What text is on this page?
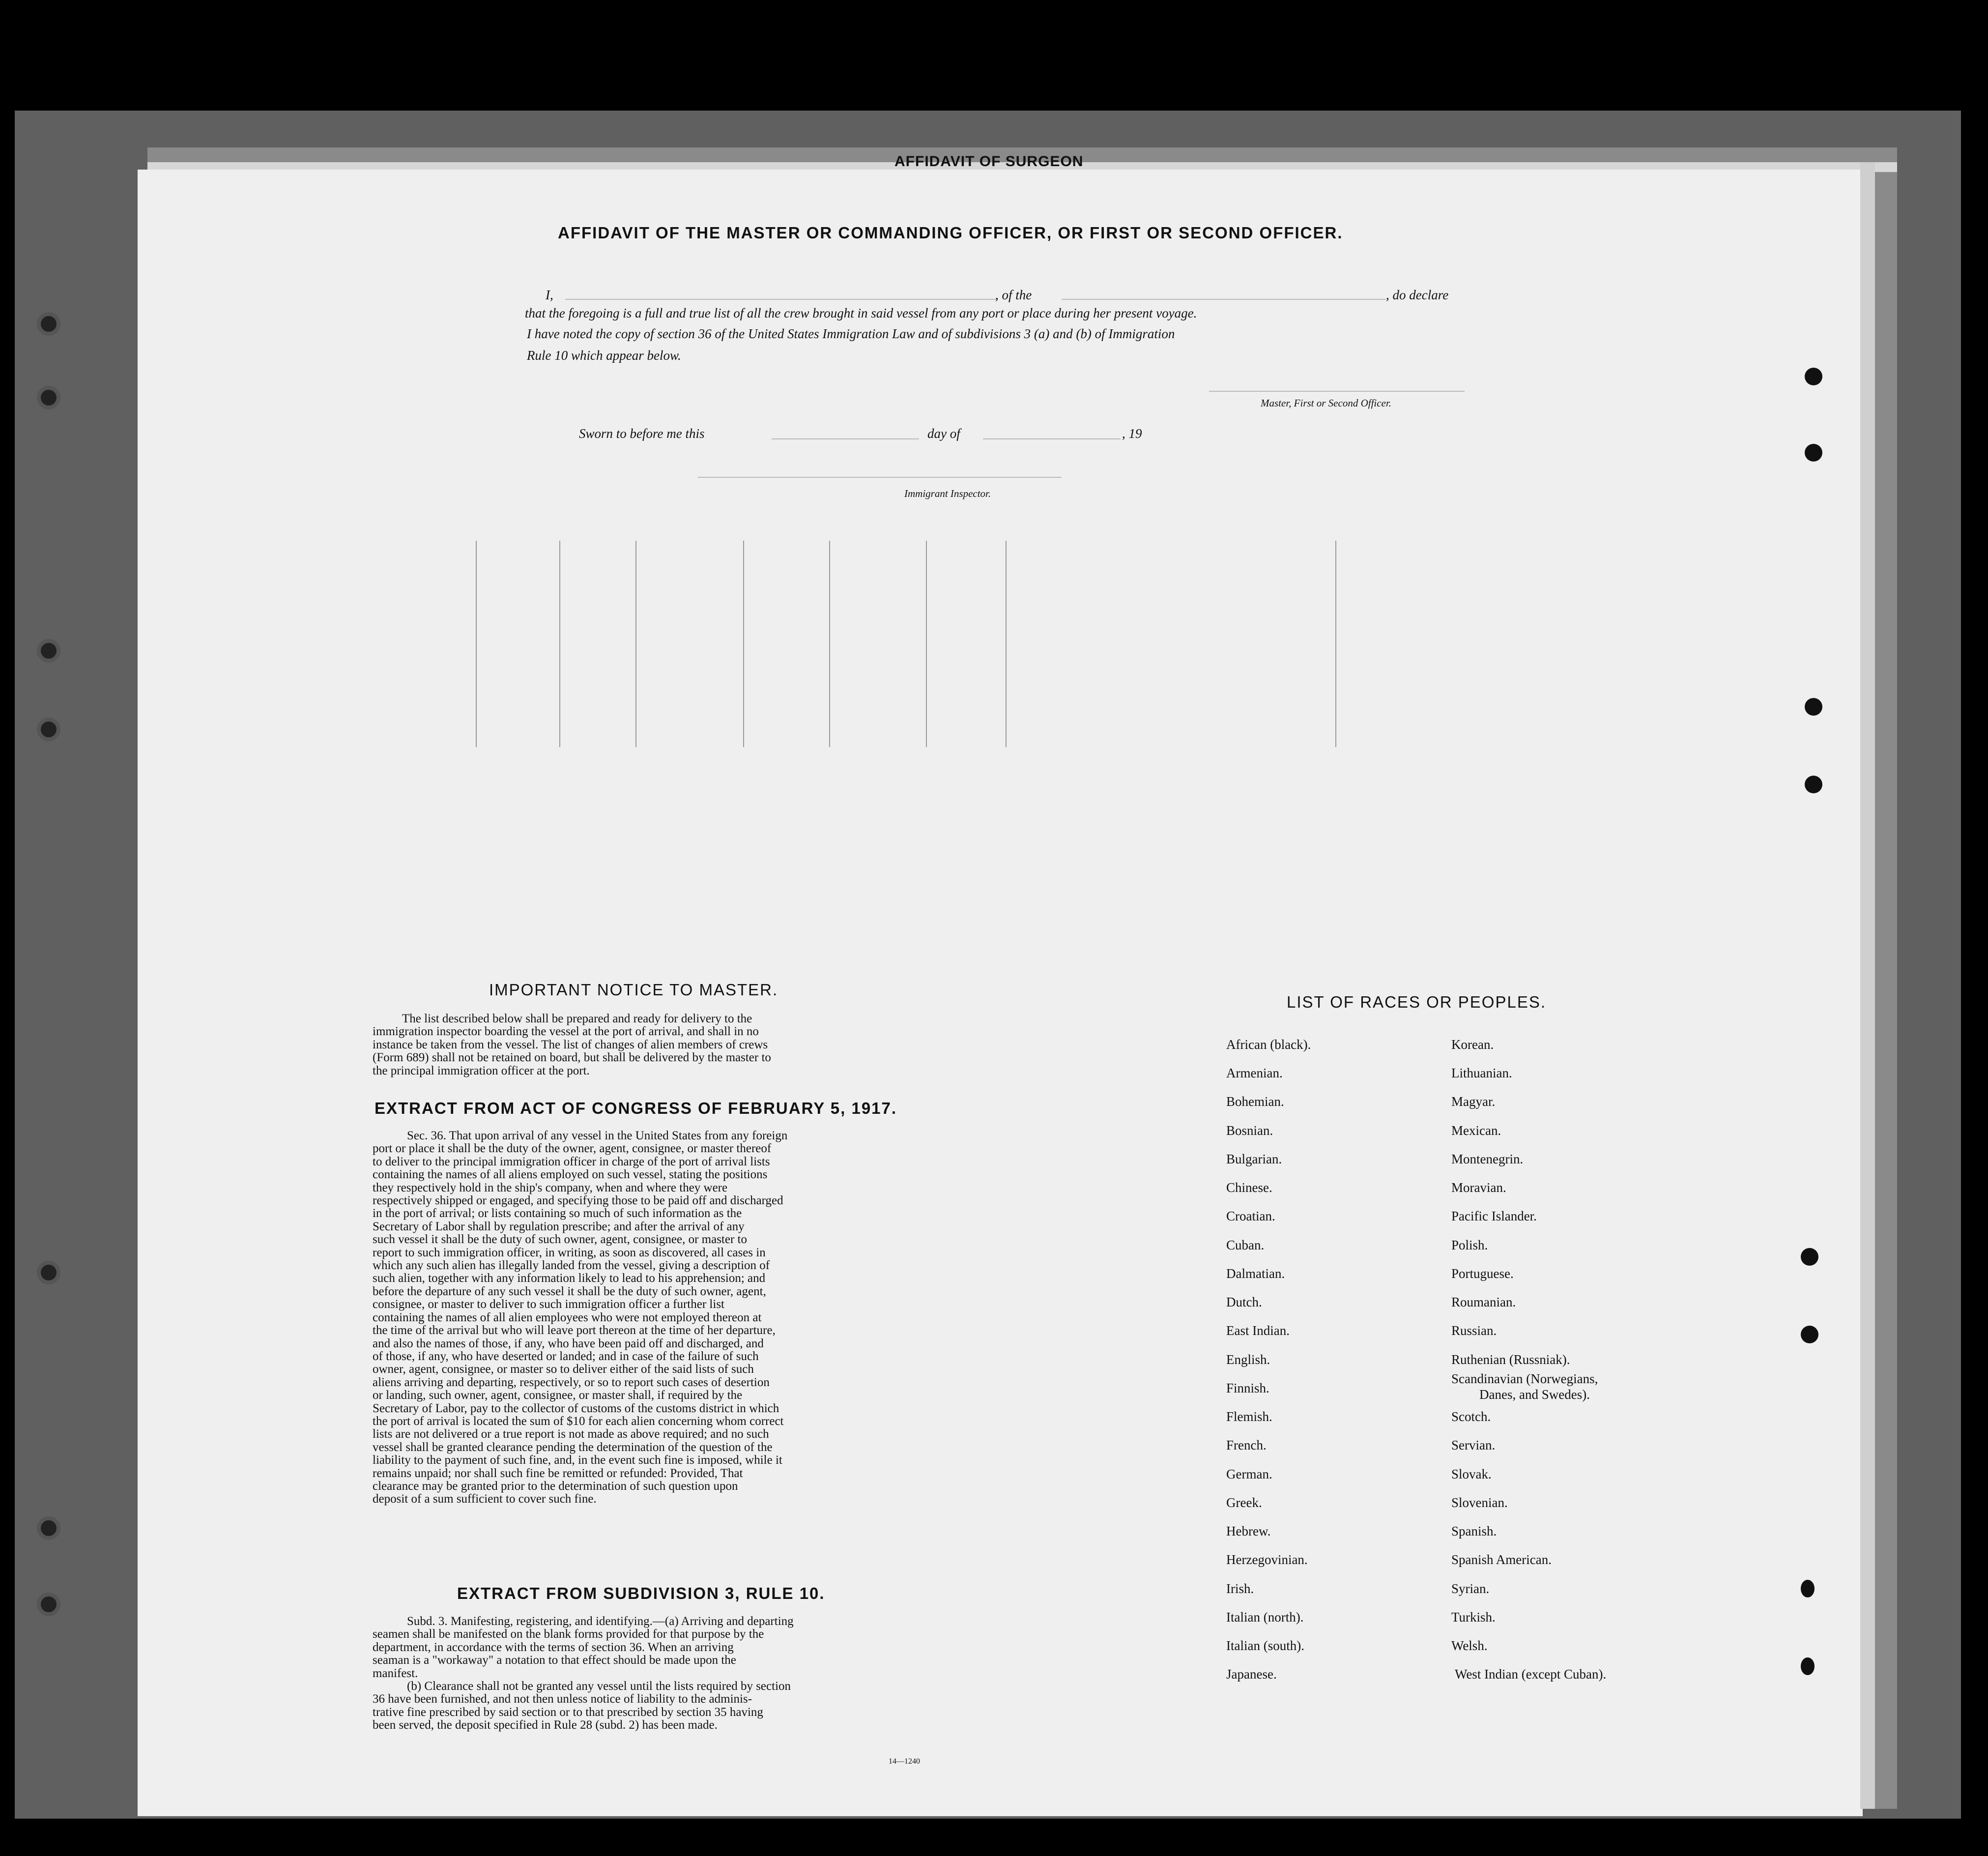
AFFIDAVIT OF SURGEON
AFFIDAVIT OF THE MASTER OR COMMANDING OFFICER, OR FIRST OR SECOND OFFICER.
I,	, of the	, do declare
that the foregoing is a full and true list of all the crew brought in said vessel from any port or place during her present voyage.
I have noted the copy of section 36 of the United States Immigration Law and of subdivisions 3 (a) and (b) of Immigration
Rule 10 which appear below.
Master, First or Second Officer.
Sworn to before me this	day of	, 19
Immigrant Inspector.
IMPORTANT NOTICE TO MASTER.
The list described below shall be prepared and ready for delivery to the
immigration inspector boarding the vessel at the port of arrival, and shall in no
instance be taken from the vessel. The list of changes of alien members of crews
(Form 689) shall not be retained on board, but shall be delivered by the master to
the principal immigration officer at the port.
EXTRACT FROM ACT OF CONGRESS OF FEBRUARY 5, 1917.
Sec. 36. That upon arrival of any vessel in the United States from any foreign
port or place it shall be the duty of the owner, agent, consignee, or master thereof
to deliver to the principal immigration officer in charge of the port of arrival lists
containing the names of all aliens employed on such vessel, stating the positions
they respectively hold in the ship's company, when and where they were
respectively shipped or engaged, and specifying those to be paid off and discharged
in the port of arrival; or lists containing so much of such information as the
Secretary of Labor shall by regulation prescribe; and after the arrival of any
such vessel it shall be the duty of such owner, agent, consignee, or master to
report to such immigration officer, in writing, as soon as discovered, all cases in
which any such alien has illegally landed from the vessel, giving a description of
such alien, together with any information likely to lead to his apprehension; and
before the departure of any such vessel it shall be the duty of such owner, agent,
consignee, or master to deliver to such immigration officer a further list
containing the names of all alien employees who were not employed thereon at
the time of the arrival but who will leave port thereon at the time of her departure,
and also the names of those, if any, who have been paid off and discharged, and
of those, if any, who have deserted or landed; and in case of the failure of such
owner, agent, consignee, or master so to deliver either of the said lists of such
aliens arriving and departing, respectively, or so to report such cases of desertion
or landing, such owner, agent, consignee, or master shall, if required by the
Secretary of Labor, pay to the collector of customs of the customs district in which
the port of arrival is located the sum of $10 for each alien concerning whom correct
lists are not delivered or a true report is not made as above required; and no such
vessel shall be granted clearance pending the determination of the question of the
liability to the payment of such fine, and, in the event such fine is imposed, while it
remains unpaid; nor shall such fine be remitted or refunded: Provided, That
clearance may be granted prior to the determination of such question upon
deposit of a sum sufficient to cover such fine.
EXTRACT FROM SUBDIVISION 3, RULE 10.
Subd. 3. Manifesting, registering, and identifying.—(a) Arriving and departing
seamen shall be manifested on the blank forms provided for that purpose by the
department, in accordance with the terms of section 36. When an arriving
seaman is a "workaway" a notation to that effect should be made upon the
manifest.
(b) Clearance shall not be granted any vessel until the lists required by section
36 have been furnished, and not then unless notice of liability to the adminis-
trative fine prescribed by said section or to that prescribed by section 35 having
been served, the deposit specified in Rule 28 (subd. 2) has been made.
14—1240
LIST OF RACES OR PEOPLES.
African (black).
Armenian.
Bohemian.
Bosnian.
Bulgarian.
Chinese.
Croatian.
Cuban.
Dalmatian.
Dutch.
East Indian.
English.
Finnish.
Flemish.
French.
German.
Greek.
Hebrew.
Herzegovinian.
Irish.
Italian (north).
Italian (south).
Japanese.
Korean.
Lithuanian.
Magyar.
Mexican.
Montenegrin.
Moravian.
Pacific Islander.
Polish.
Portuguese.
Roumanian.
Russian.
Ruthenian (Russniak).
Scandinavian (Norwegians,
Danes, and Swedes).
Scotch.
Servian.
Slovak.
Slovenian.
Spanish.
Spanish American.
Syrian.
Turkish.
Welsh.
West Indian (except Cuban).
